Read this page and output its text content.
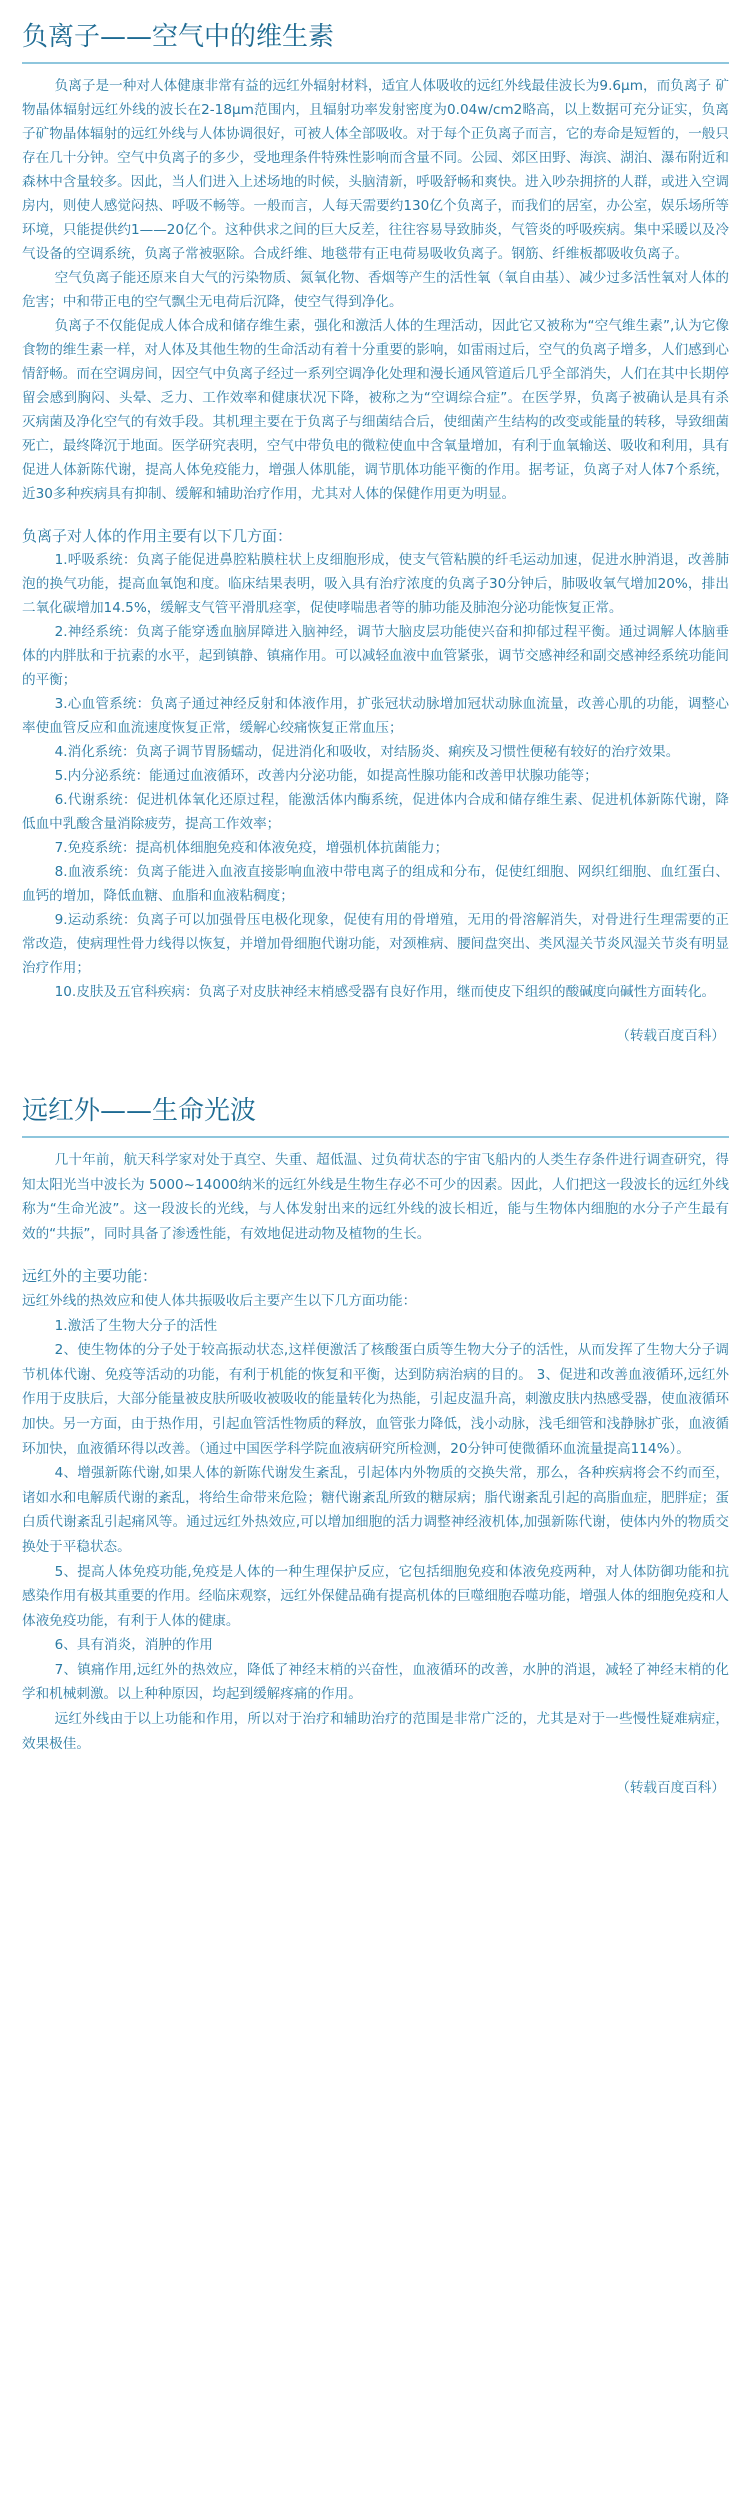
负离子——空气中的维生素

负离子是一种对人体健康非常有益的远红外辐射材料，适宜人体吸收的远红外线最佳波长为9.6μm，而负离子 矿物晶体辐射远红外线的波长在2-18μm范围内，且辐射功率发射密度为0.04w/cm2略高，以上数据可充分证实，负离子矿物晶体辐射的远红外线与人体协调很好，可被人体全部吸收。对于每个正负离子而言，它的寿命是短暂的，一般只存在几十分钟。空气中负离子的多少，受地理条件特殊性影响而含量不同。公园、郊区田野、海滨、湖泊、瀑布附近和森林中含量较多。因此，当人们进入上述场地的时候，头脑清新，呼吸舒畅和爽快。进入吵杂拥挤的人群，或进入空调房内，则使人感觉闷热、呼吸不畅等。一般而言，人每天需要约130亿个负离子，而我们的居室，办公室，娱乐场所等环境，只能提供约1——20亿个。这种供求之间的巨大反差，往往容易导致肺炎，气管炎的呼吸疾病。集中采暖以及冷气设备的空调系统，负离子常被驱除。合成纤维、地毯带有正电荷易吸收负离子。钢筋、纤维板都吸收负离子。

空气负离子能还原来自大气的污染物质、氮氧化物、香烟等产生的活性氧（氧自由基）、减少过多活性氧对人体的危害；中和带正电的空气飘尘无电荷后沉降，使空气得到净化。

负离子不仅能促成人体合成和储存维生素，强化和激活人体的生理活动，因此它又被称为“空气维生素”,认为它像食物的维生素一样，对人体及其他生物的生命活动有着十分重要的影响，如雷雨过后，空气的负离子增多，人们感到心情舒畅。而在空调房间，因空气中负离子经过一系列空调净化处理和漫长通风管道后几乎全部消失，人们在其中长期停留会感到胸闷、头晕、乏力、工作效率和健康状况下降，被称之为“空调综合症”。在医学界，负离子被确认是具有杀灭病菌及净化空气的有效手段。其机理主要在于负离子与细菌结合后，使细菌产生结构的改变或能量的转移，导致细菌死亡，最终降沉于地面。医学研究表明，空气中带负电的微粒使血中含氧量增加，有利于血氧输送、吸收和利用，具有促进人体新陈代谢，提高人体免疫能力，增强人体肌能，调节肌体功能平衡的作用。据考证，负离子对人体7个系统，近30多种疾病具有抑制、缓解和辅助治疗作用，尤其对人体的保健作用更为明显。

负离子对人体的作用主要有以下几方面：

1.呼吸系统：负离子能促进鼻腔粘膜柱状上皮细胞形成，使支气管粘膜的纤毛运动加速，促进水肿消退，改善肺泡的换气功能，提高血氧饱和度。临床结果表明，吸入具有治疗浓度的负离子30分钟后，肺吸收氧气增加20%，排出二氧化碳增加14.5%，缓解支气管平滑肌痉挛，促使哮喘患者等的肺功能及肺泡分泌功能恢复正常。

2.神经系统：负离子能穿透血脑屏障进入脑神经，调节大脑皮层功能使兴奋和抑郁过程平衡。通过调解人体脑垂体的内胖肽和于抗素的水平，起到镇静、镇痛作用。可以减轻血液中血管紧张，调节交感神经和副交感神经系统功能间的平衡；

3.心血管系统：负离子通过神经反射和体液作用，扩张冠状动脉增加冠状动脉血流量，改善心肌的功能，调整心率使血管反应和血流速度恢复正常，缓解心绞痛恢复正常血压；

4.消化系统：负离子调节胃肠蠕动，促进消化和吸收，对结肠炎、痢疾及习惯性便秘有较好的治疗效果。

5.内分泌系统：能通过血液循环，改善内分泌功能，如提高性腺功能和改善甲状腺功能等；

6.代谢系统：促进机体氧化还原过程，能激活体内酶系统，促进体内合成和储存维生素、促进机体新陈代谢，降低血中乳酸含量消除疲劳，提高工作效率；

7.免疫系统：提高机体细胞免疫和体液免疫，增强机体抗菌能力；

8.血液系统：负离子能进入血液直接影响血液中带电离子的组成和分布，促使红细胞、网织红细胞、血红蛋白、血钙的增加，降低血糖、血脂和血液粘稠度；

9.运动系统：负离子可以加强骨压电极化现象，促使有用的骨增殖，无用的骨溶解消失，对骨进行生理需要的正常改造，使病理性骨力线得以恢复，并增加骨细胞代谢功能，对颈椎病、腰间盘突出、类风湿关节炎风湿关节炎有明显治疗作用；

10.皮肤及五官科疾病：负离子对皮肤神经末梢感受器有良好作用，继而使皮下组织的酸碱度向碱性方面转化。

（转载百度百科）
远红外——生命光波

几十年前，航天科学家对处于真空、失重、超低温、过负荷状态的宇宙飞船内的人类生存条件进行调查研究，得知太阳光当中波长为 5000~14000纳米的远红外线是生物生存必不可少的因素。因此，人们把这一段波长的远红外线称为“生命光波”。这一段波长的光线，与人体发射出来的远红外线的波长相近，能与生物体内细胞的水分子产生最有效的“共振”，同时具备了渗透性能，有效地促进动物及植物的生长。

远红外的主要功能：

远红外线的热效应和使人体共振吸收后主要产生以下几方面功能：

1.激活了生物大分子的活性

2、使生物体的分子处于较高振动状态,这样便激活了核酸蛋白质等生物大分子的活性，从而发挥了生物大分子调节机体代谢、免疫等活动的功能，有利于机能的恢复和平衡，达到防病治病的目的。 3、促进和改善血液循环,远红外作用于皮肤后，大部分能量被皮肤所吸收被吸收的能量转化为热能，引起皮温升高，刺激皮肤内热感受器，使血液循环加快。另一方面，由于热作用，引起血管活性物质的释放，血管张力降低，浅小动脉，浅毛细管和浅静脉扩张，血液循环加快，血液循环得以改善。（通过中国医学科学院血液病研究所检测，20分钟可使微循环血流量提高114%）。

4、增强新陈代谢,如果人体的新陈代谢发生紊乱，引起体内外物质的交换失常，那么，各种疾病将会不约而至，诸如水和电解质代谢的紊乱，将给生命带来危险；糖代谢紊乱所致的糖尿病；脂代谢紊乱引起的高脂血症，肥胖症；蛋白质代谢紊乱引起痛风等。通过远红外热效应,可以增加细胞的活力调整神经液机体,加强新陈代谢，使体内外的物质交换处于平稳状态。

5、提高人体免疫功能,免疫是人体的一种生理保护反应，它包括细胞免疫和体液免疫两种，对人体防御功能和抗感染作用有极其重要的作用。经临床观察，远红外保健品确有提高机体的巨噬细胞吞噬功能，增强人体的细胞免疫和人体液免疫功能，有利于人体的健康。

6、具有消炎，消肿的作用

7、镇痛作用,远红外的热效应，降低了神经末梢的兴奋性，血液循环的改善，水肿的消退，减轻了神经末梢的化学和机械刺激。以上种种原因，均起到缓解疼痛的作用。

远红外线由于以上功能和作用，所以对于治疗和辅助治疗的范围是非常广泛的，尤其是对于一些慢性疑难病症，效果极佳。

（转载百度百科）
